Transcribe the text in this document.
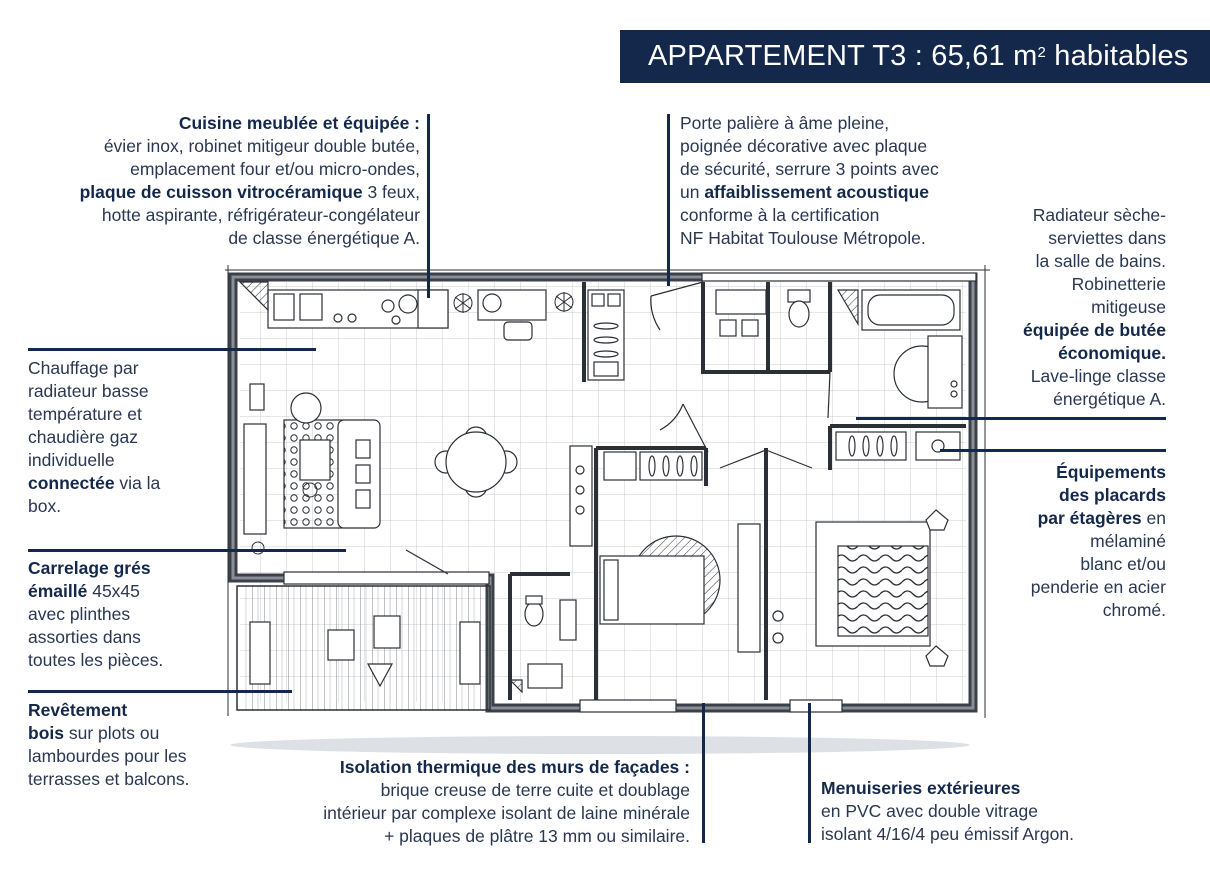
APPARTEMENT T3 : 65,61 $m^2$ habitables
Cuisine meublée et équipée :
évier inox, robinet mitigeur double butée,
emplacement four et/ou micro-ondes,
plaque de cuisson vitrocéramique 3 feux,
hotte aspirante, réfrigérateur-congélateur
de classe énergétique A.
Porte palière à âme pleine,
poignée décorative avec plaque
de sécurité, serrure 3 points avec
un affaiblissement acoustique
conforme à la certification
NF Habitat Toulouse Métropole.
Radiateur sèche-
serviettes dans
la salle de bains.
Robinetterie
mitigeuse
équipée de butée
économique.
Lave-linge classe
énergétique A.
Chauffage par
radiateur basse
température et
chaudière gaz
individuelle
connectée via la
box.
Carrelage grés
émaillé 45x45
avec plinthes
assorties dans
toutes les pièces.
Revêtement
bois sur plots ou
lambourdes pour les
terrasses et balcons.
Équipements
des placards
par étagères en
mélaminé
blanc et/ou
penderie en acier
chromé.
Isolation thermique des murs de façades :
brique creuse de terre cuite et doublage
intérieur par complexe isolant de laine minérale
+ plaques de plâtre 13 mm ou similaire.
Menuiseries extérieures
en PVC avec double vitrage
isolant 4/16/4 peu émissif Argon.
